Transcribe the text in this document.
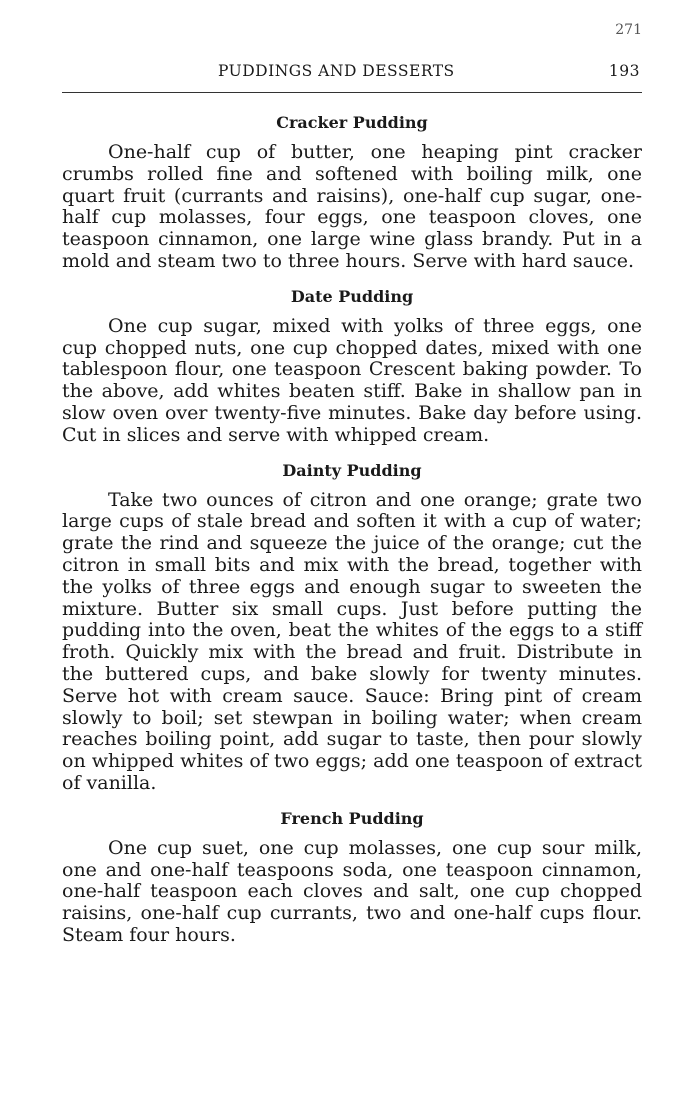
271
PUDDINGS AND DESSERTS	193
Cracker Pudding

One-half cup of butter, one heaping pint cracker crumbs rolled fine and softened with boiling milk, one quart fruit (currants and raisins), one-half cup sugar, one-half cup molasses, four eggs, one teaspoon cloves, one teaspoon cinnamon, one large wine glass brandy. Put in a mold and steam two to three hours. Serve with hard sauce.

Date Pudding

One cup sugar, mixed with yolks of three eggs, one cup chopped nuts, one cup chopped dates, mixed with one tablespoon flour, one teaspoon Crescent baking powder. To the above, add whites beaten stiff. Bake in shallow pan in slow oven over twenty-five minutes. Bake day before using. Cut in slices and serve with whipped cream.

Dainty Pudding

Take two ounces of citron and one orange; grate two large cups of stale bread and soften it with a cup of water; grate the rind and squeeze the juice of the orange; cut the citron in small bits and mix with the bread, together with the yolks of three eggs and enough sugar to sweeten the mixture. Butter six small cups. Just before putting the pudding into the oven, beat the whites of the eggs to a stiff froth. Quickly mix with the bread and fruit. Distribute in the buttered cups, and bake slowly for twenty minutes. Serve hot with cream sauce. Sauce: Bring pint of cream slowly to boil; set stewpan in boiling water; when cream reaches boiling point, add sugar to taste, then pour slowly on whipped whites of two eggs; add one teaspoon of extract of vanilla.

French Pudding

One cup suet, one cup molasses, one cup sour milk, one and one-half teaspoons soda, one teaspoon cinnamon, one-half teaspoon each cloves and salt, one cup chopped raisins, one-half cup currants, two and one-half cups flour. Steam four hours.
